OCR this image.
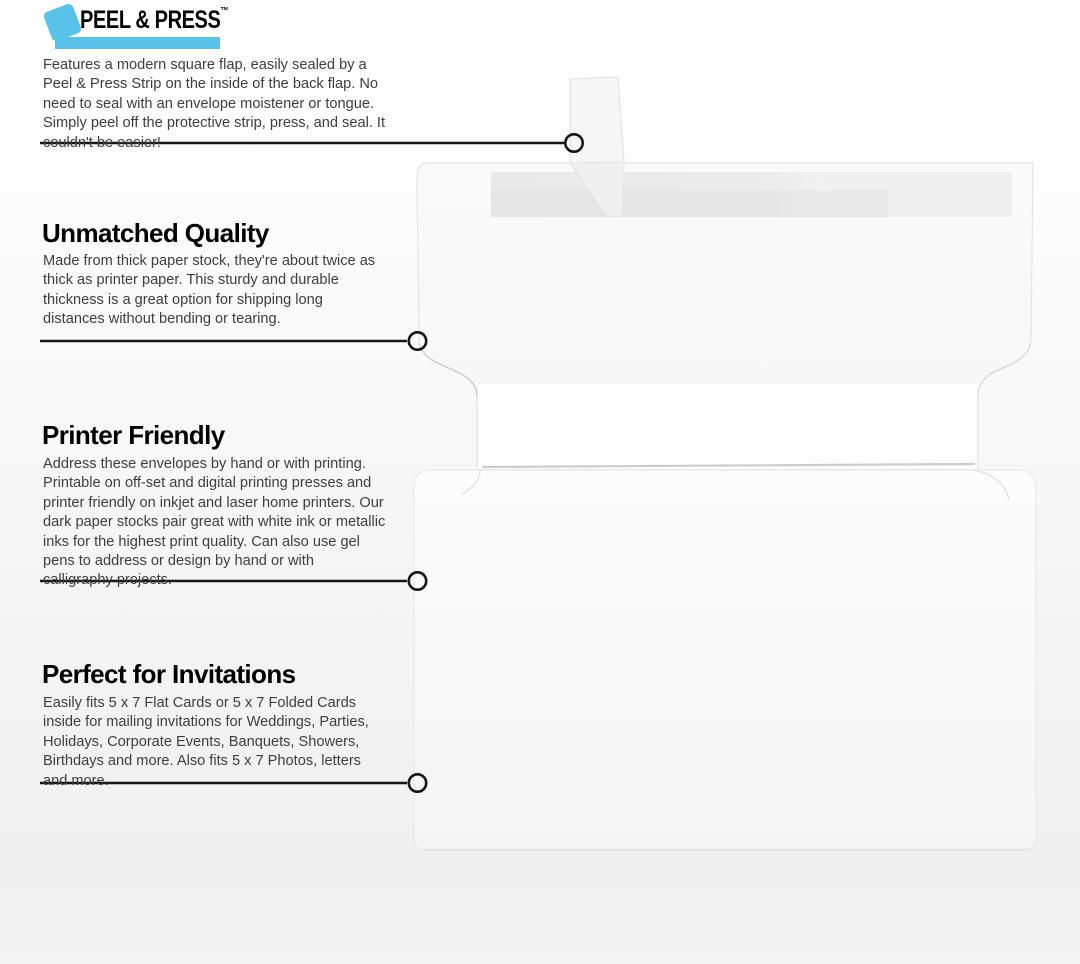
PEEL & PRESS™

Features a modern square flap, easily sealed by a Peel & Press Strip on the inside of the back flap. No need to seal with an envelope moistener or tongue. Simply peel off the protective strip, press, and seal. It couldn't be easier!

Unmatched Quality

Made from thick paper stock, they're about twice as thick as printer paper. This sturdy and durable thickness is a great option for shipping long distances without bending or tearing.

Printer Friendly

Address these envelopes by hand or with printing. Printable on off-set and digital printing presses and printer friendly on inkjet and laser home printers. Our dark paper stocks pair great with white ink or metallic inks for the highest print quality. Can also use gel pens to address or design by hand or with calligraphy projects.

Perfect for Invitations

Easily fits 5 x 7 Flat Cards or 5 x 7 Folded Cards inside for mailing invitations for Weddings, Parties, Holidays, Corporate Events, Banquets, Showers, Birthdays and more. Also fits 5 x 7 Photos, letters and more.
